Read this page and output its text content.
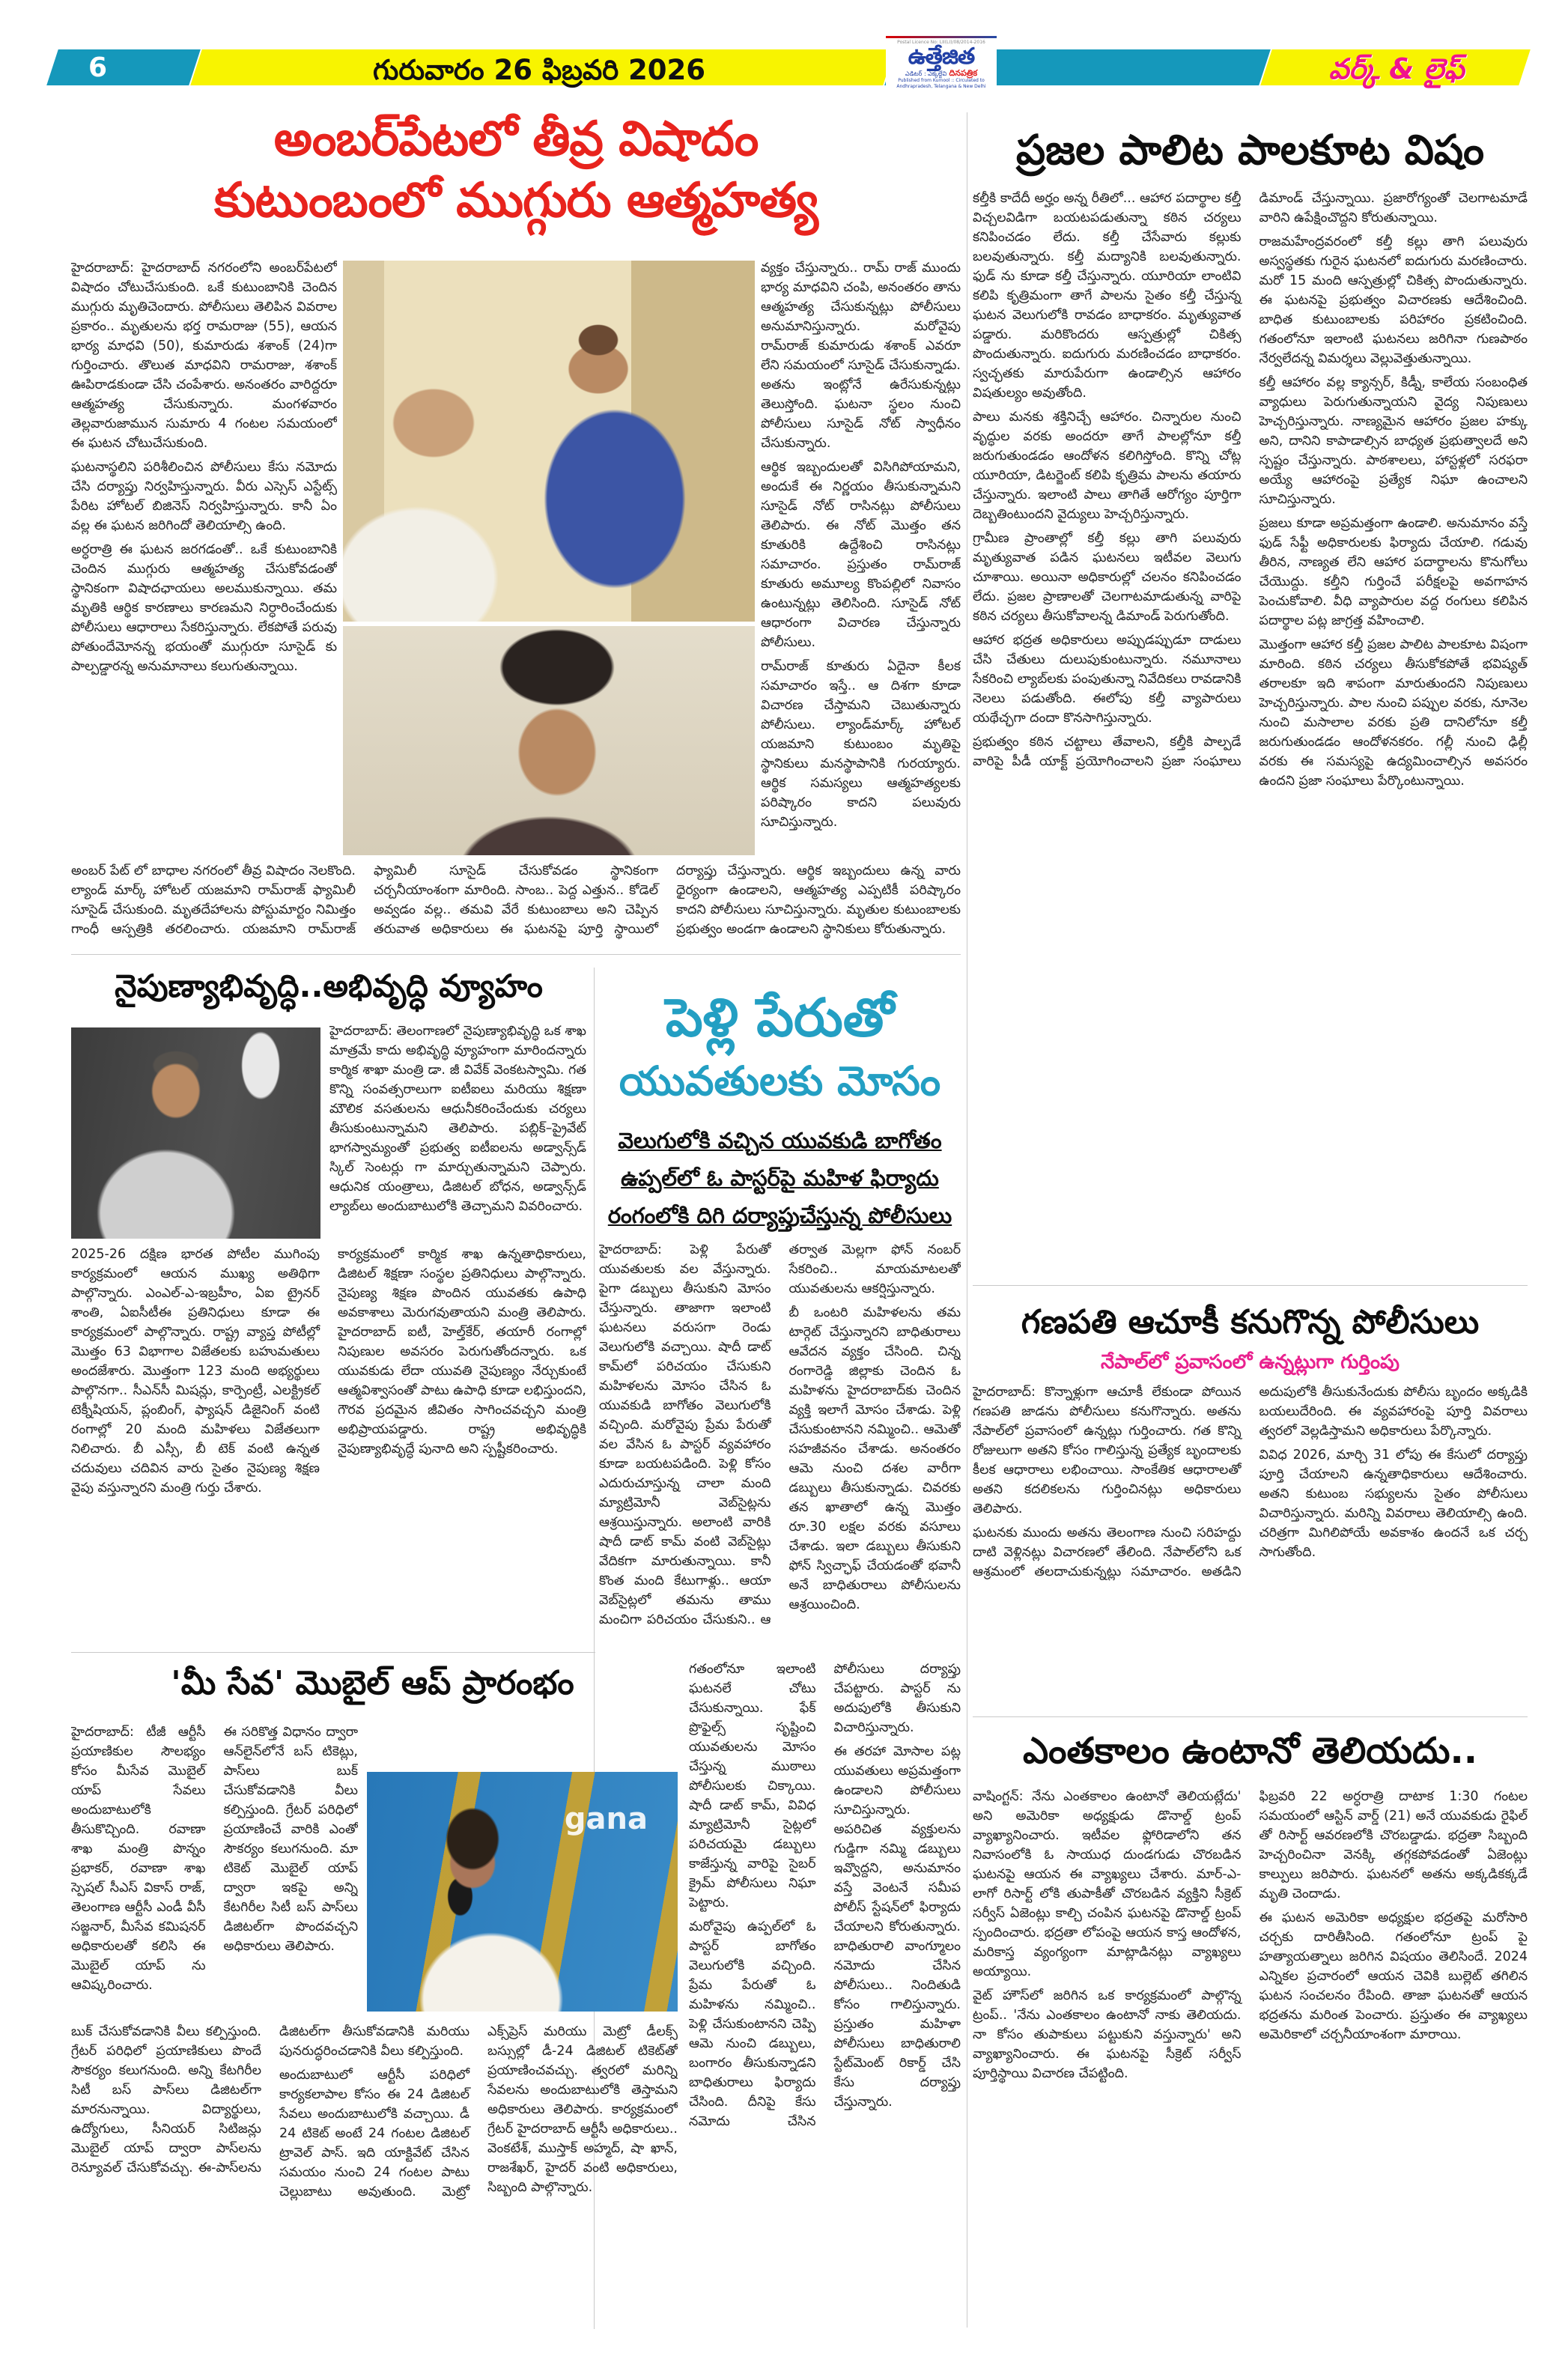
6	గురువారం 26 ఫిబ్రవరి 2026	వర్క్ & లైఫ్
Postal Licence No: LII(LI)/08/2014-2016
ఉత్తేజిత
ఎడిటర్ : ఎక్కల్దేవి దినపత్రిక
Published from Kurnool :: Circulated to Andhrapradesh, Telangana & New Delhi
అంబర్‌పేటలో తీవ్ర విషాదం
కుటుంబంలో ముగ్గురు ఆత్మహత్య

హైదరాబాద్: హైదరాబాద్ నగరంలోని అంబర్‌పేటలో విషాదం చోటుచేసుకుంది. ఒకే కుటుంబానికి చెందిన ముగ్గురు మృతిచెందారు. పోలీసులు తెలిపిన వివరాల ప్రకారం.. మృతులను భర్త రామరాజు (55), ఆయన భార్య మాధవి (50), కుమారుడు శశాంక్ (24)గా గుర్తించారు. తొలుత మాధవిని రామరాజు, శశాంక్ ఊపిరాడకుండా చేసి చంపేశారు. అనంతరం వారిద్దరూ ఆత్మహత్య చేసుకున్నారు. మంగళవారం తెల్లవారుజామున సుమారు 4 గంటల సమయంలో ఈ ఘటన చోటుచేసుకుంది.

ఘటనాస్థలిని పరిశీలించిన పోలీసులు కేసు నమోదు చేసి దర్యాప్తు నిర్వహిస్తున్నారు. వీరు ఎస్సెస్ ఎస్టేట్స్ పేరిట హోటల్ బిజినెస్ నిర్వహిస్తున్నారు. కానీ ఏం వల్ల ఈ ఘటన జరిగిందో తెలియాల్సి ఉంది.

అర్ధరాత్రి ఈ ఘటన జరగడంతో.. ఒకే కుటుంబానికి చెందిన ముగ్గురు ఆత్మహత్య చేసుకోవడంతో స్థానికంగా విషాదఛాయలు అలముకున్నాయి. తమ మృతికి ఆర్థిక కారణాలు కారణమని నిర్ధారించేందుకు పోలీసులు ఆధారాలు సేకరిస్తున్నారు. లేకపోతే పరువు పోతుందేమోనన్న భయంతో ముగ్గురూ సూసైడ్ కు పాల్పడ్డారన్న అనుమానాలు కలుగుతున్నాయి.

వ్యక్తం చేస్తున్నారు.. రామ్ రాజ్ ముందు భార్య మాధవిని చంపి, అనంతరం తాను ఆత్మహత్య చేసుకున్నట్లు పోలీసులు అనుమానిస్తున్నారు. మరోవైపు రామ్‌రాజ్ కుమారుడు శశాంక్ ఎవరూ లేని సమయంలో సూసైడ్ చేసుకున్నాడు. అతను ఇంట్లోనే ఉరేసుకున్నట్లు తెలుస్తోంది. ఘటనా స్థలం నుంచి పోలీసులు సూసైడ్ నోట్ స్వాధీనం చేసుకున్నారు.

ఆర్థిక ఇబ్బందులతో విసిగిపోయామని, అందుకే ఈ నిర్ణయం తీసుకున్నామని సూసైడ్ నోట్ రాసినట్లు పోలీసులు తెలిపారు. ఈ నోట్ మొత్తం తన కూతురికి ఉద్దేశించి రాసినట్లు సమాచారం. ప్రస్తుతం రామ్‌రాజ్ కూతురు అమూల్య కొంపల్లిలో నివాసం ఉంటున్నట్లు తెలిసింది. సూసైడ్ నోట్ ఆధారంగా విచారణ చేస్తున్నారు పోలీసులు.

రామ్‌రాజ్ కూతురు ఏదైనా కీలక సమాచారం ఇస్తే.. ఆ దిశగా కూడా విచారణ చేస్తామని చెబుతున్నారు పోలీసులు. ల్యాండ్‌మార్క్ హోటల్ యజమాని కుటుంబం మృతిపై స్థానికులు మనస్థాపానికి గురయ్యారు. ఆర్థిక సమస్యలు ఆత్మహత్యలకు పరిష్కారం కాదని పలువురు సూచిస్తున్నారు.

అంబర్ పేట్ లో బాధాల నగరంలో తీవ్ర విషాదం నెలకొంది. ల్యాండ్ మార్క్ హోటల్ యజమాని రామ్‌రాజ్ ఫ్యామిలీ సూసైడ్ చేసుకుంది. మృతదేహాలను పోస్టుమార్టం నిమిత్తం గాంధీ ఆస్పత్రికి తరలించారు. యజమాని రామ్‌రాజ్ ఫ్యామిలీ సూసైడ్ చేసుకోవడం స్థానికంగా చర్చనీయాంశంగా మారింది. సాంబ.. పెద్ద ఎత్తున.. కోడెల్ అవ్వడం వల్ల.. తమవి వేరే కుటుంబాలు అని చెప్పిన తరువాత అధికారులు ఈ ఘటనపై పూర్తి స్థాయిలో దర్యాప్తు చేస్తున్నారు. ఆర్థిక ఇబ్బందులు ఉన్న వారు ధైర్యంగా ఉండాలని, ఆత్మహత్య ఎప్పటికీ పరిష్కారం కాదని పోలీసులు సూచిస్తున్నారు. మృతుల కుటుంబాలకు ప్రభుత్వం అండగా ఉండాలని స్థానికులు కోరుతున్నారు.

నైపుణ్యాభివృద్ధి..అభివృద్ధి వ్యూహం

హైదరాబాద్: తెలంగాణలో నైపుణ్యాభివృద్ధి ఒక శాఖ మాత్రమే కాదు అభివృద్ధి వ్యూహంగా మారిందన్నారు కార్మిక శాఖా మంత్రి డా. జీ వివేక్ వెంకటస్వామి. గత కొన్ని సంవత్సరాలుగా ఐటీఐలు మరియు శిక్షణా మౌలిక వసతులను ఆధునీకరించేందుకు చర్యలు తీసుకుంటున్నామని తెలిపారు. పబ్లిక్–ప్రైవేట్ భాగస్వామ్యంతో ప్రభుత్వ ఐటీఐలను అడ్వాన్స్‌డ్ స్కిల్ సెంటర్లు గా మార్చుతున్నామని చెప్పారు. ఆధునిక యంత్రాలు, డిజిటల్ బోధన, అడ్వాన్స్‌డ్ ల్యాబ్‌లు అందుబాటులోకి తెచ్చామని వివరించారు.

2025-26 దక్షిణ భారత పోటీల ముగింపు కార్యక్రమంలో ఆయన ముఖ్య అతిథిగా పాల్గొన్నారు. ఎంఎల్-ఎ-ఇబ్రహీం, ఏఐ ట్రైనర్ శాంతి, ఏఐసీటీఈ ప్రతినిధులు కూడా ఈ కార్యక్రమంలో పాల్గొన్నారు. రాష్ట్ర వ్యాప్త పోటీల్లో మొత్తం 63 విభాగాల విజేతలకు బహుమతులు అందజేశారు. మొత్తంగా 123 మంది అభ్యర్థులు పాల్గొనగా.. సీఎన్‌సీ మిషన్లు, కార్పెంట్రీ, ఎలక్ట్రికల్ టెక్నీషియన్, ప్లంబింగ్, ఫ్యాషన్ డిజైనింగ్ వంటి రంగాల్లో 20 మంది మహిళలు విజేతలుగా నిలిచారు. బీ ఎస్సీ, బీ టెక్ వంటి ఉన్నత చదువులు చదివిన వారు సైతం నైపుణ్య శిక్షణ వైపు వస్తున్నారని మంత్రి గుర్తు చేశారు.

కార్యక్రమంలో కార్మిక శాఖ ఉన్నతాధికారులు, డిజిటల్ శిక్షణా సంస్థల ప్రతినిధులు పాల్గొన్నారు. నైపుణ్య శిక్షణ పొందిన యువతకు ఉపాధి అవకాశాలు మెరుగవుతాయని మంత్రి తెలిపారు. హైదరాబాద్ ఐటీ, హెల్త్‌కేర్, తయారీ రంగాల్లో నిపుణుల అవసరం పెరుగుతోందన్నారు. ఒక యువకుడు లేదా యువతి నైపుణ్యం నేర్చుకుంటే ఆత్మవిశ్వాసంతో పాటు ఉపాధి కూడా లభిస్తుందని, గౌరవ ప్రదమైన జీవితం సాగించవచ్చని మంత్రి అభిప్రాయపడ్డారు. రాష్ట్ర అభివృద్ధికి నైపుణ్యాభివృద్ధే పునాది అని స్పష్టీకరించారు.

పెళ్లి పేరుతో
యువతులకు మోసం
వెలుగులోకి వచ్చిన యువకుడి బాగోతం
ఉప్పల్‌లో ఓ పాస్టర్‌పై మహిళ ఫిర్యాదు
రంగంలోకి దిగి దర్యాప్తుచేస్తున్న పోలీసులు

హైదరాబాద్: పెళ్లి పేరుతో యువతులకు వల వేస్తున్నారు. పైగా డబ్బులు తీసుకుని మోసం చేస్తున్నారు. తాజాగా ఇలాంటి ఘటనలు వరుసగా రెండు వెలుగులోకి వచ్చాయి. షాదీ డాట్ కామ్‌లో పరిచయం చేసుకుని మహిళలను మోసం చేసిన ఓ యువకుడి బాగోతం వెలుగులోకి వచ్చింది. మరోవైపు ప్రేమ పేరుతో వల వేసిన ఓ పాస్టర్ వ్యవహారం కూడా బయటపడింది. పెళ్లి కోసం ఎదురుచూస్తున్న చాలా మంది మ్యాట్రిమోనీ వెబ్‌సైట్లను ఆశ్రయిస్తున్నారు. అలాంటి వారికి షాదీ డాట్ కామ్ వంటి వెబ్‌సైట్లు వేదికగా మారుతున్నాయి. కానీ కొంత మంది కేటుగాళ్లు.. ఆయా వెబ్‌సైట్లలో తమను తాము మంచిగా పరిచయం చేసుకుని.. ఆ తర్వాత మెల్లగా ఫోన్ నంబర్ సేకరించి.. మాయమాటలతో యువతులను ఆకర్షిస్తున్నారు.

బీ ఒంటరి మహిళలను తమ టార్గెట్ చేస్తున్నారని బాధితురాలు ఆవేదన వ్యక్తం చేసింది. చిన్న రంగారెడ్డి జిల్లాకు చెందిన ఓ మహిళను హైదరాబాద్‌కు చెందిన వ్యక్తి ఇలాగే మోసం చేశాడు. పెళ్లి చేసుకుంటానని నమ్మించి.. ఆమెతో సహజీవనం చేశాడు. అనంతరం ఆమె నుంచి దశల వారీగా డబ్బులు తీసుకున్నాడు. చివరకు తన ఖాతాలో ఉన్న మొత్తం రూ.30 లక్షల వరకు వసూలు చేశాడు. ఇలా డబ్బులు తీసుకుని ఫోన్ స్విచ్ఛాఫ్ చేయడంతో భవానీ అనే బాధితురాలు పోలీసులను ఆశ్రయించింది.

గతంలోనూ ఇలాంటి ఘటనలే చోటు చేసుకున్నాయి. ఫేక్ ప్రొఫైల్స్ సృష్టించి యువతులను మోసం చేస్తున్న ముఠాలు పోలీసులకు చిక్కాయి. షాదీ డాట్ కామ్, వివిధ మ్యాట్రిమోనీ సైట్లలో పరిచయమై డబ్బులు కాజేస్తున్న వారిపై సైబర్ క్రైమ్ పోలీసులు నిఘా పెట్టారు.

మరోవైపు ఉప్పల్‌లో ఓ పాస్టర్ బాగోతం వెలుగులోకి వచ్చింది. ప్రేమ పేరుతో ఓ మహిళను నమ్మించి.. పెళ్లి చేసుకుంటానని చెప్పి ఆమె నుంచి డబ్బులు, బంగారం తీసుకున్నాడని బాధితురాలు ఫిర్యాదు చేసింది. దీనిపై కేసు నమోదు చేసిన పోలీసులు దర్యాప్తు చేపట్టారు. పాస్టర్ ను అదుపులోకి తీసుకుని విచారిస్తున్నారు.

ఈ తరహా మోసాల పట్ల యువతులు అప్రమత్తంగా ఉండాలని పోలీసులు సూచిస్తున్నారు. అపరిచిత వ్యక్తులను గుడ్డిగా నమ్మి డబ్బులు ఇవ్వొద్దని, అనుమానం వస్తే వెంటనే సమీప పోలీస్ స్టేషన్‌లో ఫిర్యాదు చేయాలని కోరుతున్నారు. బాధితురాలి వాంగ్మూలం నమోదు చేసిన పోలీసులు.. నిందితుడి కోసం గాలిస్తున్నారు. ప్రస్తుతం మహిళా పోలీసులు బాధితురాలి స్టేట్‌మెంట్ రికార్డ్ చేసి కేసు దర్యాప్తు చేస్తున్నారు.

'మీ సేవ' మొబైల్ ఆప్ ప్రారంభం

హైదరాబాద్: టీజీ ఆర్టీసీ ప్రయాణికుల సౌలభ్యం కోసం మీసేవ మొబైల్ యాప్ సేవలు అందుబాటులోకి తీసుకొచ్చింది. రవాణా శాఖ మంత్రి పొన్నం ప్రభాకర్, రవాణా శాఖ స్పెషల్ సీఎస్ వికాస్ రాజ్, తెలంగాణ ఆర్టీసీ ఎండీ వీసీ సజ్జనార్, మీసేవ కమిషనర్ అధికారులతో కలిసి ఈ మొబైల్ యాప్ ను ఆవిష్కరించారు.

ఈ సరికొత్త విధానం ద్వారా ఆన్‌లైన్‌లోనే బస్ టికెట్లు, పాస్‌లు బుక్ చేసుకోవడానికి వీలు కల్పిస్తుంది. గ్రేటర్ పరిధిలో ప్రయాణించే వారికి ఎంతో సౌకర్యం కలుగనుంది. మా టికెట్ మొబైల్ యాప్ ద్వారా ఇకపై అన్ని కేటగిరీల సిటీ బస్ పాస్‌లు డిజిటల్‌గా పొందవచ్చని అధికారులు తెలిపారు.

gana

బుక్ చేసుకోవడానికి వీలు కల్పిస్తుంది. గ్రేటర్ పరిధిలో ప్రయాణికులు పొందే సౌకర్యం కలుగనుంది. అన్ని కేటగిరీల సిటీ బస్ పాస్‌లు డిజిటల్‌గా మారనున్నాయి. విద్యార్థులు, ఉద్యోగులు, సీనియర్ సిటిజన్లు మొబైల్ యాప్ ద్వారా పాస్‌లను రెన్యూవల్ చేసుకోవచ్చు. ఈ-పాస్‌లను డిజిటల్‌గా తీసుకోవడానికి మరియు పునరుద్ధరించడానికి వీలు కల్పిస్తుంది.

అందుబాటులో ఆర్టీసీ పరిధిలో కార్యకలాపాల కోసం ఈ 24 డిజిటల్ సేవలు అందుబాటులోకి వచ్చాయి. డీ 24 టికెట్ అంటే 24 గంటల డిజిటల్ ట్రావెల్ పాస్. ఇది యాక్టివేట్ చేసిన సమయం నుంచి 24 గంటల పాటు చెల్లుబాటు అవుతుంది. మెట్రో ఎక్స్‌ప్రెస్ మరియు మెట్రో డీలక్స్ బస్సుల్లో డీ-24 డిజిటల్ టికెట్‌తో ప్రయాణించవచ్చు. త్వరలో మరిన్ని సేవలను అందుబాటులోకి తెస్తామని అధికారులు తెలిపారు. కార్యక్రమంలో గ్రేటర్ హైదరాబాద్ ఆర్టీసీ అధికారులు.. వెంకటేశ్, ముస్తాక్ అహ్మద్, షా ఖాన్, రాజశేఖర్, హైదర్ వంటి అధికారులు, సిబ్బంది పాల్గొన్నారు.

ప్రజల పాలిట పాలకూట విషం

కల్తీకి కాదేదీ అర్హం అన్న రీతిలో... ఆహార పదార్థాల కల్తీ విచ్చలవిడిగా బయటపడుతున్నా కఠిన చర్యలు కనిపించడం లేదు. కల్తీ చేసేవారు కల్లుకు బలవుతున్నారు. కల్తీ మద్యానికి బలవుతున్నారు. ఫుడ్ ను కూడా కల్తీ చేస్తున్నారు. యూరియా లాంటివి కలిపి కృత్రిమంగా తాగే పాలను సైతం కల్తీ చేస్తున్న ఘటన వెలుగులోకి రావడం బాధాకరం. మృత్యువాత పడ్డారు. మరికొందరు ఆస్పత్రుల్లో చికిత్స పొందుతున్నారు. ఐదుగురు మరణించడం బాధాకరం. స్వచ్ఛతకు మారుపేరుగా ఉండాల్సిన ఆహారం విషతుల్యం అవుతోంది.

పాలు మనకు శక్తినిచ్చే ఆహారం. చిన్నారుల నుంచి వృద్ధుల వరకు అందరూ తాగే పాలల్లోనూ కల్తీ జరుగుతుండడం ఆందోళన కలిగిస్తోంది. కొన్ని చోట్ల యూరియా, డిటర్జెంట్ కలిపి కృత్రిమ పాలను తయారు చేస్తున్నారు. ఇలాంటి పాలు తాగితే ఆరోగ్యం పూర్తిగా దెబ్బతింటుందని వైద్యులు హెచ్చరిస్తున్నారు.

గ్రామీణ ప్రాంతాల్లో కల్తీ కల్లు తాగి పలువురు మృత్యువాత పడిన ఘటనలు ఇటీవల వెలుగు చూశాయి. అయినా అధికారుల్లో చలనం కనిపించడం లేదు. ప్రజల ప్రాణాలతో చెలగాటమాడుతున్న వారిపై కఠిన చర్యలు తీసుకోవాలన్న డిమాండ్ పెరుగుతోంది.

ఆహార భద్రత అధికారులు అప్పుడప్పుడూ దాడులు చేసి చేతులు దులుపుకుంటున్నారు. నమూనాలు సేకరించి ల్యాబ్‌లకు పంపుతున్నా నివేదికలు రావడానికి నెలలు పడుతోంది. ఈలోపు కల్తీ వ్యాపారులు యథేచ్ఛగా దందా కొనసాగిస్తున్నారు.

ప్రభుత్వం కఠిన చట్టాలు తేవాలని, కల్తీకి పాల్పడే వారిపై పీడీ యాక్ట్ ప్రయోగించాలని ప్రజా సంఘాలు డిమాండ్ చేస్తున్నాయి. ప్రజారోగ్యంతో చెలగాటమాడే వారిని ఉపేక్షించొద్దని కోరుతున్నాయి.

రాజమహేంద్రవరంలో కల్తీ కల్లు తాగి పలువురు అస్వస్థతకు గురైన ఘటనలో ఐదుగురు మరణించారు. మరో 15 మంది ఆస్పత్రుల్లో చికిత్స పొందుతున్నారు. ఈ ఘటనపై ప్రభుత్వం విచారణకు ఆదేశించింది. బాధిత కుటుంబాలకు పరిహారం ప్రకటించింది. గతంలోనూ ఇలాంటి ఘటనలు జరిగినా గుణపాఠం నేర్వలేదన్న విమర్శలు వెల్లువెత్తుతున్నాయి.

కల్తీ ఆహారం వల్ల క్యాన్సర్, కిడ్నీ, కాలేయ సంబంధిత వ్యాధులు పెరుగుతున్నాయని వైద్య నిపుణులు హెచ్చరిస్తున్నారు. నాణ్యమైన ఆహారం ప్రజల హక్కు అని, దానిని కాపాడాల్సిన బాధ్యత ప్రభుత్వాలదే అని స్పష్టం చేస్తున్నారు. పాఠశాలలు, హాస్టళ్లలో సరఫరా అయ్యే ఆహారంపై ప్రత్యేక నిఘా ఉంచాలని సూచిస్తున్నారు.

ప్రజలు కూడా అప్రమత్తంగా ఉండాలి. అనుమానం వస్తే ఫుడ్ సేఫ్టీ అధికారులకు ఫిర్యాదు చేయాలి. గడువు తీరిన, నాణ్యత లేని ఆహార పదార్థాలను కొనుగోలు చేయొద్దు. కల్తీని గుర్తించే పరీక్షలపై అవగాహన పెంచుకోవాలి. వీధి వ్యాపారుల వద్ద రంగులు కలిపిన పదార్థాల పట్ల జాగ్రత్త వహించాలి.

మొత్తంగా ఆహార కల్తీ ప్రజల పాలిట పాలకూట విషంగా మారింది. కఠిన చర్యలు తీసుకోకపోతే భవిష్యత్ తరాలకూ ఇది శాపంగా మారుతుందని నిపుణులు హెచ్చరిస్తున్నారు. పాల నుంచి పప్పుల వరకు, నూనెల నుంచి మసాలాల వరకు ప్రతి దానిలోనూ కల్తీ జరుగుతుండడం ఆందోళనకరం. గల్లీ నుంచి ఢిల్లీ వరకు ఈ సమస్యపై ఉద్యమించాల్సిన అవసరం ఉందని ప్రజా సంఘాలు పేర్కొంటున్నాయి.

గణపతి ఆచూకీ కనుగొన్న పోలీసులు
నేపాల్‌లో ప్రవాసంలో ఉన్నట్లుగా గుర్తింపు

హైదరాబాద్: కొన్నాళ్లుగా ఆచూకీ లేకుండా పోయిన గణపతి జాడను పోలీసులు కనుగొన్నారు. అతను నేపాల్‌లో ప్రవాసంలో ఉన్నట్లు గుర్తించారు. గత కొన్ని రోజులుగా అతని కోసం గాలిస్తున్న ప్రత్యేక బృందాలకు కీలక ఆధారాలు లభించాయి. సాంకేతిక ఆధారాలతో అతని కదలికలను గుర్తించినట్లు అధికారులు తెలిపారు.

ఘటనకు ముందు అతను తెలంగాణ నుంచి సరిహద్దు దాటి వెళ్లినట్లు విచారణలో తేలింది. నేపాల్‌లోని ఒక ఆశ్రమంలో తలదాచుకున్నట్లు సమాచారం. అతడిని అదుపులోకి తీసుకునేందుకు పోలీసు బృందం అక్కడికి బయలుదేరింది. ఈ వ్యవహారంపై పూర్తి వివరాలు త్వరలో వెల్లడిస్తామని అధికారులు పేర్కొన్నారు.

వివిధ 2026, మార్చి 31 లోపు ఈ కేసులో దర్యాప్తు పూర్తి చేయాలని ఉన్నతాధికారులు ఆదేశించారు. అతని కుటుంబ సభ్యులను సైతం పోలీసులు విచారిస్తున్నారు. మరిన్ని వివరాలు తెలియాల్సి ఉంది. చరిత్రగా మిగిలిపోయే అవకాశం ఉందనే ఒక చర్చ సాగుతోంది.

ఎంతకాలం ఉంటానో తెలియదు..

వాషింగ్టన్: నేను ఎంతకాలం ఉంటానో తెలియట్లేదు' అని అమెరికా అధ్యక్షుడు డొనాల్డ్ ట్రంప్ వ్యాఖ్యానించారు. ఇటీవల ఫ్లోరిడాలోని తన నివాసంలోకి ఓ సాయుధ దుండగుడు చొరబడిన ఘటనపై ఆయన ఈ వ్యాఖ్యలు చేశారు. మార్-ఎ-లాగో రిసార్ట్ లోకి తుపాకీతో చొరబడిన వ్యక్తిని సీక్రెట్ సర్వీస్ ఏజెంట్లు కాల్చి చంపిన ఘటనపై డొనాల్డ్ ట్రంప్ స్పందించారు. భద్రతా లోపంపై ఆయన కాస్త ఆందోళన, మరికాస్త వ్యంగ్యంగా మాట్లాడినట్లు వ్యాఖ్యలు అయ్యాయి.

వైట్ హౌస్‌లో జరిగిన ఒక కార్యక్రమంలో పాల్గొన్న ట్రంప్.. 'నేను ఎంతకాలం ఉంటానో నాకు తెలియదు. నా కోసం తుపాకులు పట్టుకుని వస్తున్నారు' అని వ్యాఖ్యానించారు. ఈ ఘటనపై సీక్రెట్ సర్వీస్ పూర్తిస్థాయి విచారణ చేపట్టింది.

ఫిబ్రవరి 22 అర్ధరాత్రి దాటాక 1:30 గంటల సమయంలో ఆస్టిన్ వార్డ్ (21) అనే యువకుడు రైఫిల్ తో రిసార్ట్ ఆవరణలోకి చొరబడ్డాడు. భద్రతా సిబ్బంది హెచ్చరించినా వెనక్కి తగ్గకపోవడంతో ఏజెంట్లు కాల్పులు జరిపారు. ఘటనలో అతను అక్కడికక్కడే మృతి చెందాడు.

ఈ ఘటన అమెరికా అధ్యక్షుల భద్రతపై మరోసారి చర్చకు దారితీసింది. గతంలోనూ ట్రంప్ పై హత్యాయత్నాలు జరిగిన విషయం తెలిసిందే. 2024 ఎన్నికల ప్రచారంలో ఆయన చెవికి బుల్లెట్ తగిలిన ఘటన సంచలనం రేపింది. తాజా ఘటనతో ఆయన భద్రతను మరింత పెంచారు. ప్రస్తుతం ఈ వ్యాఖ్యలు అమెరికాలో చర్చనీయాంశంగా మారాయి.
